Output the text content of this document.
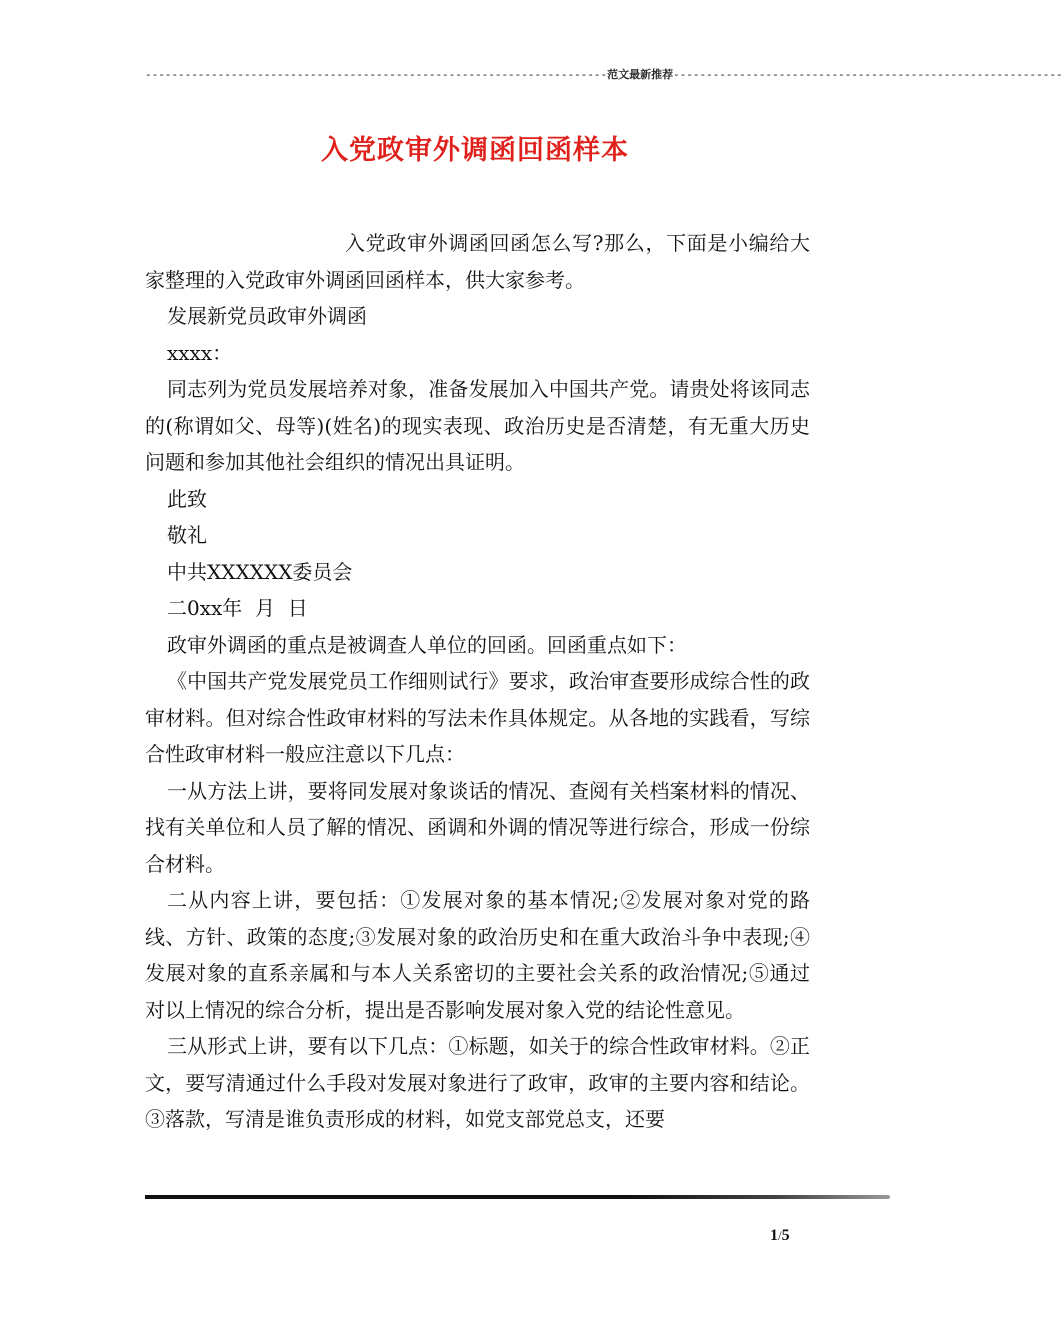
----------------------------------------------------------------------范文最新推荐-----------------------------------------------------------
入党政审外调函回函样本

入党政审外调函回函怎么写?那么，下面是小编给大家整理的入党政审外调函回函样本，供大家参考。

发展新党员政审外调函

xxxx：

同志列为党员发展培养对象，准备发展加入中国共产党。请贵处将该同志的(称谓如父、母等)(姓名)的现实表现、政治历史是否清楚，有无重大历史问题和参加其他社会组织的情况出具证明。

此致

敬礼

中共XXXXXX委员会

二0xx年  月  日

政审外调函的重点是被调查人单位的回函。回函重点如下：

《中国共产党发展党员工作细则试行》要求，政治审查要形成综合性的政审材料。但对综合性政审材料的写法未作具体规定。从各地的实践看，写综合性政审材料一般应注意以下几点：

一从方法上讲，要将同发展对象谈话的情况、查阅有关档案材料的情况、找有关单位和人员了解的情况、函调和外调的情况等进行综合，形成一份综合材料。

二从内容上讲，要包括：①发展对象的基本情况;②发展对象对党的路线、方针、政策的态度;③发展对象的政治历史和在重大政治斗争中表现;④发展对象的直系亲属和与本人关系密切的主要社会关系的政治情况;⑤通过对以上情况的综合分析，提出是否影响发展对象入党的结论性意见。

三从形式上讲，要有以下几点：①标题，如关于的综合性政审材料。②正文，要写清通过什么手段对发展对象进行了政审，政审的主要内容和结论。③落款，写清是谁负责形成的材料，如党支部党总支，还要

1/5
